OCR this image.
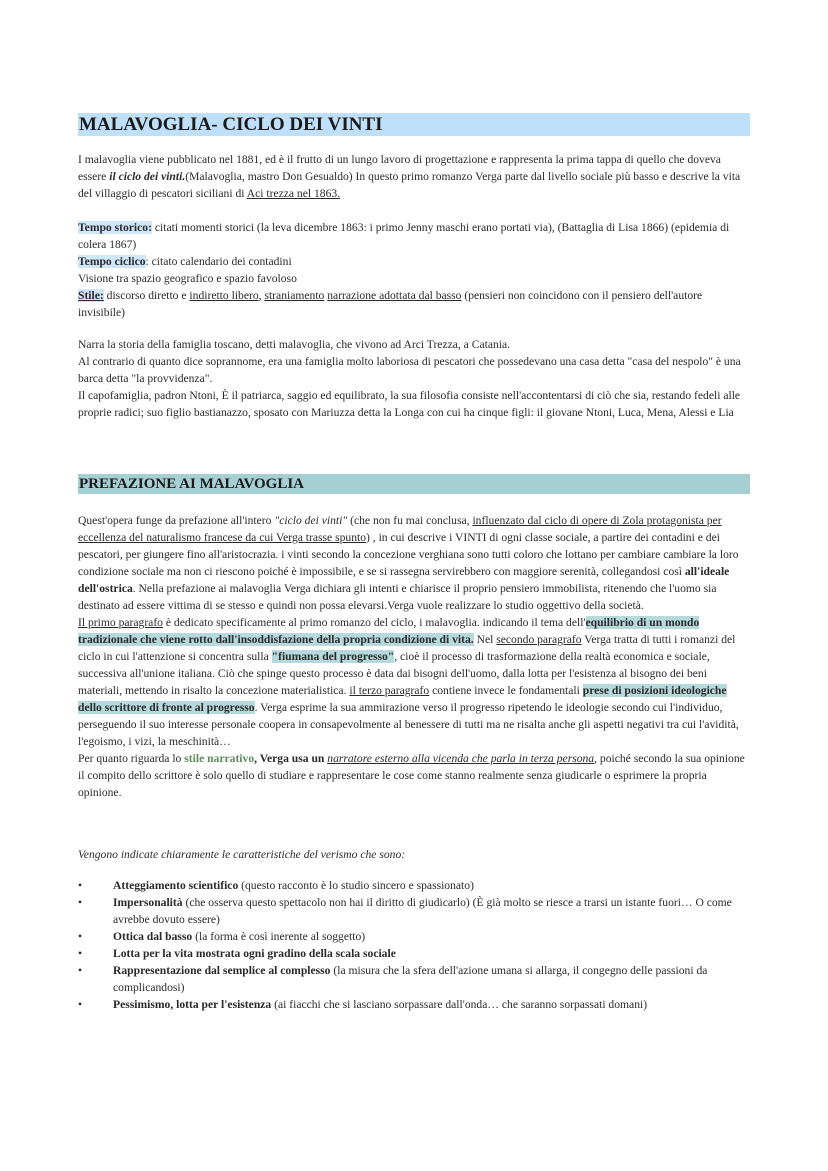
MALAVOGLIA- CICLO DEI VINTI

I malavoglia viene pubblicato nel 1881, ed è il frutto di un lungo lavoro di progettazione e rappresenta la prima tappa di quello che doveva essere il ciclo dei vinti.(Malavoglia, mastro Don Gesualdo) In questo primo romanzo Verga parte dal livello sociale più basso e descrive la vita del villaggio di pescatori siciliani di Aci trezza nel 1863.

Tempo storico: citati momenti storici (la leva dicembre 1863: i primo Jenny maschi erano portati via), (Battaglia di Lisa 1866) (epidemia di colera 1867)

Tempo ciclico: citato calendario dei contadini

Visione tra spazio geografico e spazio favoloso

Stile: discorso diretto e indiretto libero, straniamento narrazione adottata dal basso (pensieri non coincidono con il pensiero dell'autore invisibile)

Narra la storia della famiglia toscano, detti malavoglia, che vivono ad Arci Trezza, a Catania.

Al contrario di quanto dice soprannome, era una famiglia molto laboriosa di pescatori che possedevano una casa detta "casa del nespolo" è una barca detta "la provvidenza".

Il capofamiglia, padron Ntoni, È il patriarca, saggio ed equilibrato, la sua filosofia consiste nell'accontentarsi di ciò che sia, restando fedeli alle proprie radici; suo figlio bastianazzo, sposato con Mariuzza detta la Longa con cui ha cinque figli: il giovane Ntoni, Luca, Mena, Alessi e Lia

PREFAZIONE AI MALAVOGLIA

Quest'opera funge da prefazione all'intero "ciclo dei vinti" (che non fu mai conclusa, influenzato dal ciclo di opere di Zola protagonista per eccellenza del naturalismo francese da cui Verga trasse spunto) , in cui descrive i VINTI di ogni classe sociale, a partire dei contadini e dei pescatori, per giungere fino all'aristocrazia. i vinti secondo la concezione verghiana sono tutti coloro che lottano per cambiare cambiare la loro condizione sociale ma non ci riescono poiché è impossibile, e se si rassegna servirebbero con maggiore serenità, collegandosi così all'ideale dell'ostrica. Nella prefazione ai malavoglia Verga dichiara gli intenti e chiarisce il proprio pensiero immobilista, ritenendo che l'uomo sia destinato ad essere vittima di se stesso e quindi non possa elevarsi.Verga vuole realizzare lo studio oggettivo della società.

Il primo paragrafo è dedicato specificamente al primo romanzo del ciclo, i malavoglia. indicando il tema dell'equilibrio di un mondo tradizionale che viene rotto dall'insoddisfazione della propria condizione di vita. Nel secondo paragrafo Verga tratta di tutti i romanzi del ciclo in cui l'attenzione si concentra sulla "fiumana del progresso", cioè il processo di trasformazione della realtà economica e sociale, successiva all'unione italiana. Ciò che spinge questo processo è data dai bisogni dell'uomo, dalla lotta per l'esistenza al bisogno dei beni materiali, mettendo in risalto la concezione materialistica. il terzo paragrafo contiene invece le fondamentali prese di posizioni ideologiche dello scrittore di fronte al progresso. Verga esprime la sua ammirazione verso il progresso ripetendo le ideologie secondo cui l'individuo, perseguendo il suo interesse personale coopera in consapevolmente al benessere di tutti ma ne risalta anche gli aspetti negativi tra cui l'avidità, l'egoismo, i vizi, la meschinità…

Per quanto riguarda lo stile narrativo, Verga usa un narratore esterno alla vicenda che parla in terza persona, poiché secondo la sua opinione il compito dello scrittore è solo quello di studiare e rappresentare le cose come stanno realmente senza giudicarle o esprimere la propria opinione.

Vengono indicate chiaramente le caratteristiche del verismo che sono:
•	Atteggiamento scientifico (questo racconto è lo studio sincero e spassionato)
•	Impersonalità (che osserva questo spettacolo non hai il diritto di giudicarlo) (È già molto se riesce a trarsi un istante fuori… O come avrebbe dovuto essere)
•	Ottica dal basso (la forma è così inerente al soggetto)
•	Lotta per la vita mostrata ogni gradino della scala sociale
•	Rappresentazione dal semplice al complesso (la misura che la sfera dell'azione umana si allarga, il congegno delle passioni da complicandosi)
•	Pessimismo, lotta per l'esistenza (ai fiacchi che si lasciano sorpassare dall'onda… che saranno sorpassati domani)
